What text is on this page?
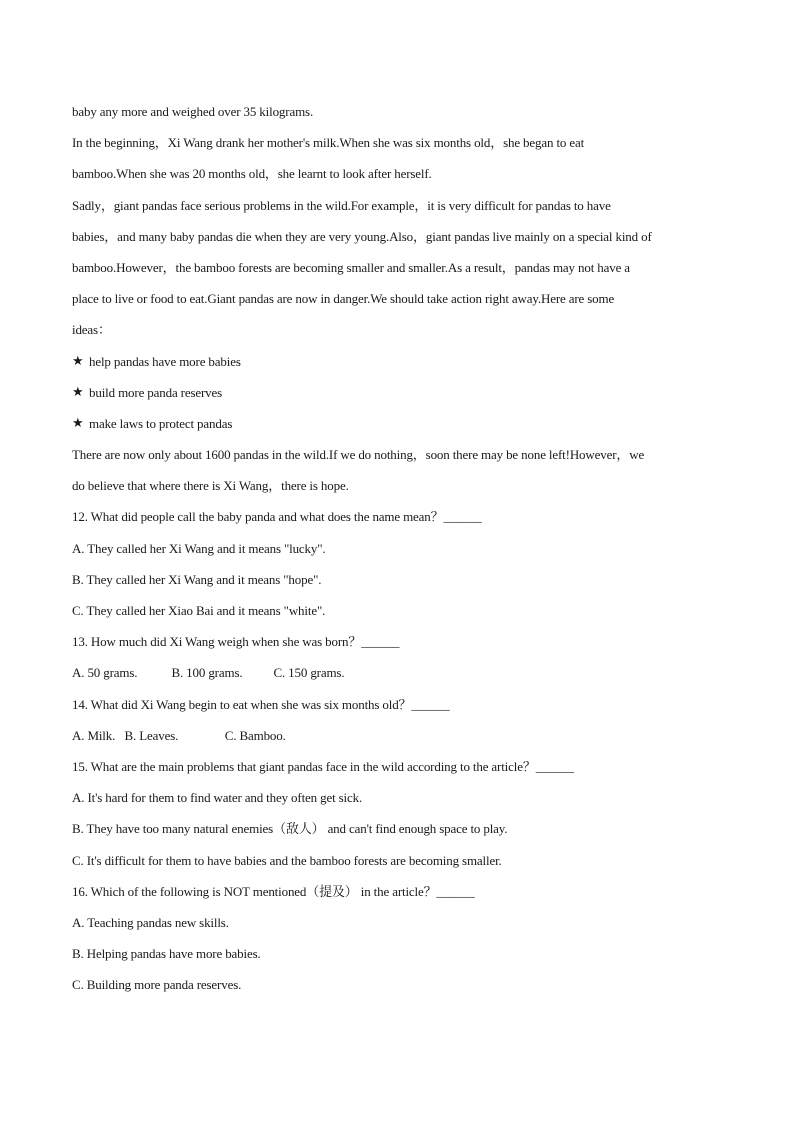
baby any more and weighed over 35 kilograms.
In the beginning，Xi Wang drank her mother's milk.When she was six months old，she began to eat
bamboo.When she was 20 months old，she learnt to look after herself.
Sadly，giant pandas face serious problems in the wild.For example，it is very difficult for pandas to have
babies，and many baby pandas die when they are very young.Also，giant pandas live mainly on a special kind of
bamboo.However，the bamboo forests are becoming smaller and smaller.As a result，pandas may not have a
place to live or food to eat.Giant pandas are now in danger.We should take action right away.Here are some
ideas：
★ help pandas have more babies
★ build more panda reserves
★ make laws to protect pandas
There are now only about 1600 pandas in the wild.If we do nothing，soon there may be none left!However，we
do believe that where there is Xi Wang，there is hope.
12. What did people call the baby panda and what does the name mean？______
A. They called her Xi Wang and it means "lucky".
B. They called her Xi Wang and it means "hope".
C. They called her Xiao Bai and it means "white".
13. How much did Xi Wang weigh when she was born？______
A. 50 grams.           B. 100 grams.          C. 150 grams.
14. What did Xi Wang begin to eat when she was six months old？______
A. Milk.   B. Leaves.               C. Bamboo.
15. What are the main problems that giant pandas face in the wild according to the article？______
A. It's hard for them to find water and they often get sick.
B. They have too many natural enemies（敌人） and can't find enough space to play.
C. It's difficult for them to have babies and the bamboo forests are becoming smaller.
16. Which of the following is NOT mentioned（提及） in the article？______
A. Teaching pandas new skills.
B. Helping pandas have more babies.
C. Building more panda reserves.
